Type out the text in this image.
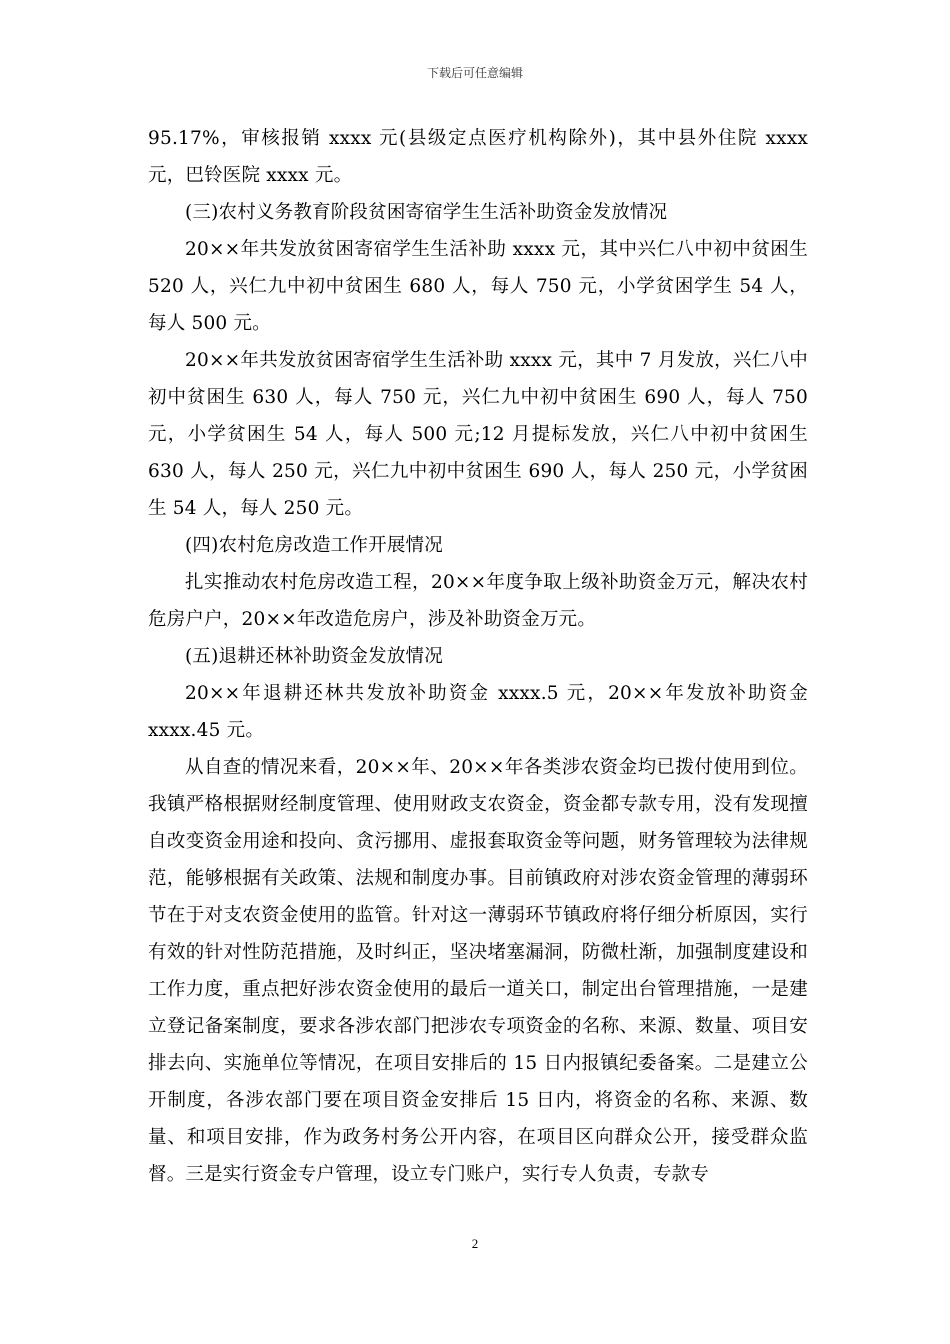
下载后可任意编辑

95.17%，审核报销 xxxx 元(县级定点医疗机构除外)，其中县外住院 xxxx 元，巴铃医院 xxxx 元。

(三)农村义务教育阶段贫困寄宿学生生活补助资金发放情况

20××年共发放贫困寄宿学生生活补助 xxxx 元，其中兴仁八中初中贫困生 520 人，兴仁九中初中贫困生 680 人，每人 750 元，小学贫困学生 54 人，每人 500 元。

20××年共发放贫困寄宿学生生活补助 xxxx 元，其中 7 月发放，兴仁八中初中贫困生 630 人，每人 750 元，兴仁九中初中贫困生 690 人，每人 750 元，小学贫困生 54 人，每人 500 元;12 月提标发放，兴仁八中初中贫困生 630 人，每人 250 元，兴仁九中初中贫困生 690 人，每人 250 元，小学贫困生 54 人，每人 250 元。

(四)农村危房改造工作开展情况

扎实推动农村危房改造工程，20××年度争取上级补助资金万元，解决农村危房户户，20××年改造危房户，涉及补助资金万元。

(五)退耕还林补助资金发放情况

20××年退耕还林共发放补助资金 xxxx.5 元，20××年发放补助资金 xxxx.45 元。

从自查的情况来看，20××年、20××年各类涉农资金均已拨付使用到位。我镇严格根据财经制度管理、使用财政支农资金，资金都专款专用，没有发现擅自改变资金用途和投向、贪污挪用、虚报套取资金等问题，财务管理较为法律规范，能够根据有关政策、法规和制度办事。目前镇政府对涉农资金管理的薄弱环节在于对支农资金使用的监管。针对这一薄弱环节镇政府将仔细分析原因，实行有效的针对性防范措施，及时纠正，坚决堵塞漏洞，防微杜渐，加强制度建设和工作力度，重点把好涉农资金使用的最后一道关口，制定出台管理措施，一是建立登记备案制度，要求各涉农部门把涉农专项资金的名称、来源、数量、项目安排去向、实施单位等情况，在项目安排后的 15 日内报镇纪委备案。二是建立公开制度，各涉农部门要在项目资金安排后 15 日内，将资金的名称、来源、数量、和项目安排，作为政务村务公开内容，在项目区向群众公开，接受群众监督。三是实行资金专户管理，设立专门账户，实行专人负责，专款专

2
